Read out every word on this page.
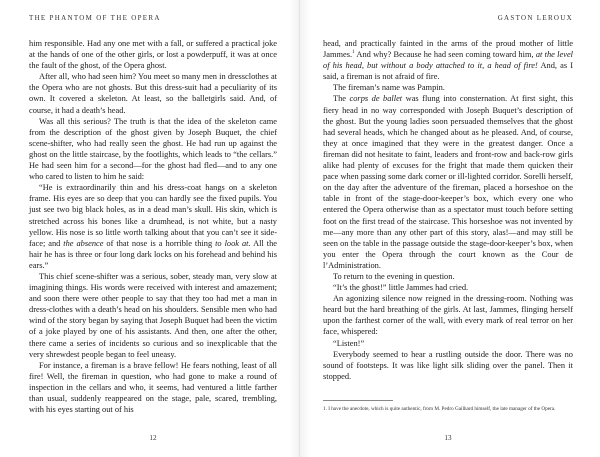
THE PHANTOM OF THE OPERA

him responsible. Had any one met with a fall, or suffered a practical joke at the hands of one of the other girls, or lost a powderpuff, it was at once the fault of the ghost, of the Opera ghost.

After all, who had seen him? You meet so many men in dressclothes at the Opera who are not ghosts. But this dress-suit had a peculiarity of its own. It covered a skeleton. At least, so the balletgirls said. And, of course, it had a death’s head.

Was all this serious? The truth is that the idea of the skeleton came from the description of the ghost given by Joseph Buquet, the chief scene-shifter, who had really seen the ghost. He had run up against the ghost on the little staircase, by the footlights, which leads to “the cellars.” He had seen him for a second—for the ghost had fled—and to any one who cared to listen to him he said:

“He is extraordinarily thin and his dress-coat hangs on a skeleton frame. His eyes are so deep that you can hardly see the fixed pupils. You just see two big black holes, as in a dead man’s skull. His skin, which is stretched across his bones like a drumhead, is not white, but a nasty yellow. His nose is so little worth talking about that you can’t see it side-face; and the absence of that nose is a horrible thing to look at. All the hair he has is three or four long dark locks on his forehead and behind his ears.”

This chief scene-shifter was a serious, sober, steady man, very slow at imagining things. His words were received with interest and amazement; and soon there were other people to say that they too had met a man in dress-clothes with a death’s head on his shoulders. Sensible men who had wind of the story began by saying that Joseph Buquet had been the victim of a joke played by one of his assistants. And then, one after the other, there came a series of incidents so curious and so inexplicable that the very shrewdest people began to feel uneasy.

For instance, a fireman is a brave fellow! He fears nothing, least of all fire! Well, the fireman in question, who had gone to make a round of inspection in the cellars and who, it seems, had ventured a little farther than usual, suddenly reappeared on the stage, pale, scared, trembling, with his eyes starting out of his

12
GASTON LEROUX

head, and practically fainted in the arms of the proud mother of little Jammes.$^1$ And why? Because he had seen coming toward him, at the level of his head, but without a body attached to it, a head of fire! And, as I said, a fireman is not afraid of fire.

The fireman’s name was Pampin.

The corps de ballet was flung into consternation. At first sight, this fiery head in no way corresponded with Joseph Buquet’s description of the ghost. But the young ladies soon persuaded themselves that the ghost had several heads, which he changed about as he pleased. And, of course, they at once imagined that they were in the greatest danger. Once a fireman did not hesitate to faint, leaders and front-row and back-row girls alike had plenty of excuses for the fright that made them quicken their pace when passing some dark corner or ill-lighted corridor. Sorelli herself, on the day after the adventure of the fireman, placed a horseshoe on the table in front of the stage-door-keeper’s box, which every one who entered the Opera otherwise than as a spectator must touch before setting foot on the first tread of the staircase. This horseshoe was not invented by me—any more than any other part of this story, alas!—and may still be seen on the table in the passage outside the stage-door-keeper’s box, when you enter the Opera through the court known as the Cour de l’Administration.

To return to the evening in question.

“It’s the ghost!” little Jammes had cried.

An agonizing silence now reigned in the dressing-room. Nothing was heard but the hard breathing of the girls. At last, Jammes, flinging herself upon the farthest corner of the wall, with every mark of real terror on her face, whispered:

“Listen!”

Everybody seemed to hear a rustling outside the door. There was no sound of footsteps. It was like light silk sliding over the panel. Then it stopped.

1. I have the anecdote, which is quite authentic, from M. Pedro Gailhard himself, the late manager of the Opera.
13
